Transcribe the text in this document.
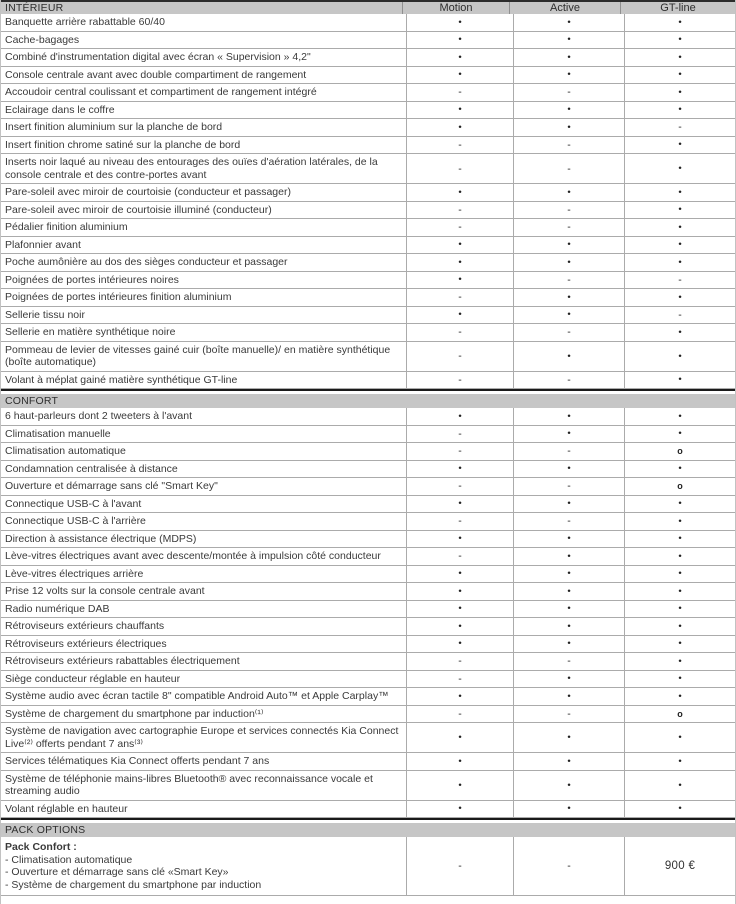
INTÉRIEUR	Motion	Active	GT-line
Banquette arrière rabattable 60/40	•	•	•
Cache-bagages	•	•	•
Combiné d'instrumentation digital avec écran « Supervision » 4,2"	•	•	•
Console centrale avant avec double compartiment de rangement	•	•	•
Accoudoir central coulissant et compartiment de rangement intégré	-	-	•
Eclairage dans le coffre	•	•	•
Insert finition aluminium sur la planche de bord	•	•	-
Insert finition chrome satiné sur la planche de bord	-	-	•
Inserts noir laqué au niveau des entourages des ouïes d'aération latérales, de la console centrale et des contre-portes avant	-	-	•
Pare-soleil avec miroir de courtoisie (conducteur et passager)	•	•	•
Pare-soleil avec miroir de courtoisie illuminé (conducteur)	-	-	•
Pédalier finition aluminium	-	-	•
Plafonnier avant	•	•	•
Poche aumônière au dos des sièges conducteur et passager	•	•	•
Poignées de portes intérieures noires	•	-	-
Poignées de portes intérieures finition aluminium	-	•	•
Sellerie tissu noir	•	•	-
Sellerie en matière synthétique noire	-	-	•
Pommeau de levier de vitesses gainé cuir (boîte manuelle)/ en matière synthétique (boîte automatique)	-	•	•
Volant à méplat gainé matière synthétique GT-line	-	-	•
CONFORT
6 haut-parleurs dont 2 tweeters à l'avant	•	•	•
Climatisation manuelle	-	•	•
Climatisation automatique	-	-	o
Condamnation centralisée à distance	•	•	•
Ouverture et démarrage sans clé "Smart Key"	-	-	o
Connectique USB-C à l'avant	•	•	•
Connectique USB-C à l'arrière	-	-	•
Direction à assistance électrique (MDPS)	•	•	•
Lève-vitres électriques avant avec descente/montée à impulsion côté conducteur	-	•	•
Lève-vitres électriques arrière	•	•	•
Prise 12 volts sur la console centrale avant	•	•	•
Radio numérique DAB	•	•	•
Rétroviseurs extérieurs chauffants	•	•	•
Rétroviseurs extérieurs électriques	•	•	•
Rétroviseurs extérieurs rabattables électriquement	-	-	•
Siège conducteur réglable en hauteur	-	•	•
Système audio avec écran tactile 8" compatible Android Auto™ et Apple Carplay™	•	•	•
Système de chargement du smartphone par induction⁽¹⁾	-	-	o
Système de navigation avec cartographie Europe et services connectés Kia Connect Live⁽²⁾ offerts pendant 7 ans⁽³⁾	•	•	•
Services télématiques Kia Connect offerts pendant 7 ans	•	•	•
Système de téléphonie mains-libres Bluetooth® avec reconnaissance vocale et streaming audio	•	•	•
Volant réglable en hauteur	•	•	•
PACK OPTIONS
Pack Confort :
- Climatisation automatique
- Ouverture et démarrage sans clé «Smart Key»
- Système de chargement du smartphone par induction
-	-	900 €
